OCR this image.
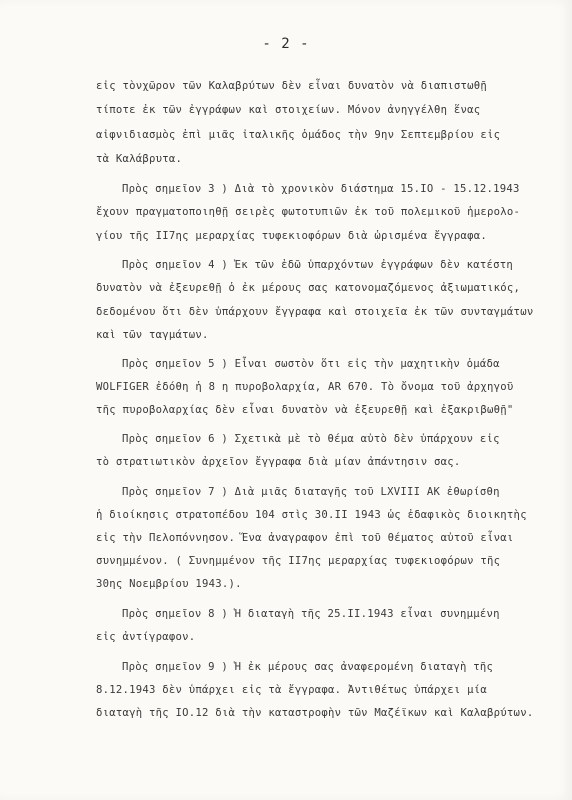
- 2 -
εἰς τὸνχῶρον τῶν Καλαβρύτων δὲν εἶναι δυνατὸν νὰ διαπιστωθῇ
τίποτε ἐκ τῶν ἐγγράφων καὶ στοιχείων. Μόνον ἀνηγγέλθη ἕνας
αἰφνιδιασμὸς ἐπὶ μιᾶς ἰταλικῆς ὁμάδος τὴν 9ην Σεπτεμβρίου εἰς
τὰ Καλάβρυτα.
Πρὸς σημεῖον 3 ) Διὰ τὸ χρονικὸν διάστημα 15.IO - 15.12.1943
ἔχουν πραγματοποιηθῇ σειρὲς φωτοτυπιῶν ἐκ τοῦ πολεμικοῦ ἡμερολο-
γίου τῆς II7ης μεραρχίας τυφεκιοφόρων διὰ ὡρισμένα ἔγγραφα.
Πρὸς σημεῖον 4 ) Ἐκ τῶν ἐδῶ ὑπαρχόντων ἐγγράφων δὲν κατέστη
δυνατὸν νὰ ἐξευρεθῇ ὁ ἐκ μέρους σας κατονομαζόμενος ἀξιωματικός,
δεδομένου ὅτι δὲν ὑπάρχουν ἔγγραφα καὶ στοιχεῖα ἐκ τῶν συνταγμάτων
καὶ τῶν ταγμάτων.
Πρὸς σημεῖον 5 ) Εἶναι σωστὸν ὅτι εἰς τὴν μαχητικὴν ὁμάδα
WOLFIGER ἐδόθη ἡ 8 η πυροβολαρχία, AR 670. Τὸ ὄνομα τοῦ ἀρχηγοῦ
τῆς πυροβολαρχίας δὲν εἶναι δυνατὸν νὰ ἐξευρεθῇ καὶ ἐξακριβωθῇ"
Πρὸς σημεῖον 6 ) Σχετικὰ μὲ τὸ θέμα αὐτὸ δὲν ὑπάρχουν εἰς
τὸ στρατιωτικὸν ἀρχεῖον ἔγγραφα διὰ μίαν ἀπάντησιν σας.
Πρὸς σημεῖον 7 ) Διὰ μιᾶς διαταγῆς τοῦ LXVIII AK ἐθωρίσθη
ἡ διοίκησις στρατοπέδου 104 στὶς 30.II 1943 ὡς ἐδαφικὸς διοικητὴς
εἰς τὴν Πελοπόννησον. Ἕνα ἀναγραφον ἐπὶ τοῦ θέματος αὐτοῦ εἶναι
συνημμένον. ( Συνημμένον τῆς II7ης μεραρχίας τυφεκιοφόρων τῆς
30ης Νοεμβρίου 1943.).
Πρὸς σημεῖον 8 ) Ἡ διαταγὴ τῆς 25.II.1943 εἶναι συνημμένη
εἰς ἀντίγραφον.
Πρὸς σημεῖον 9 ) Ἡ ἐκ μέρους σας ἀναφερομένη διαταγὴ τῆς
8.12.1943 δὲν ὑπάρχει εἰς τὰ ἔγγραφα. Ἀντιθέτως ὑπάρχει μία
διαταγὴ τῆς IO.12 διὰ τὴν καταστροφὴν τῶν Μαζέϊκων καὶ Καλαβρύτων.
